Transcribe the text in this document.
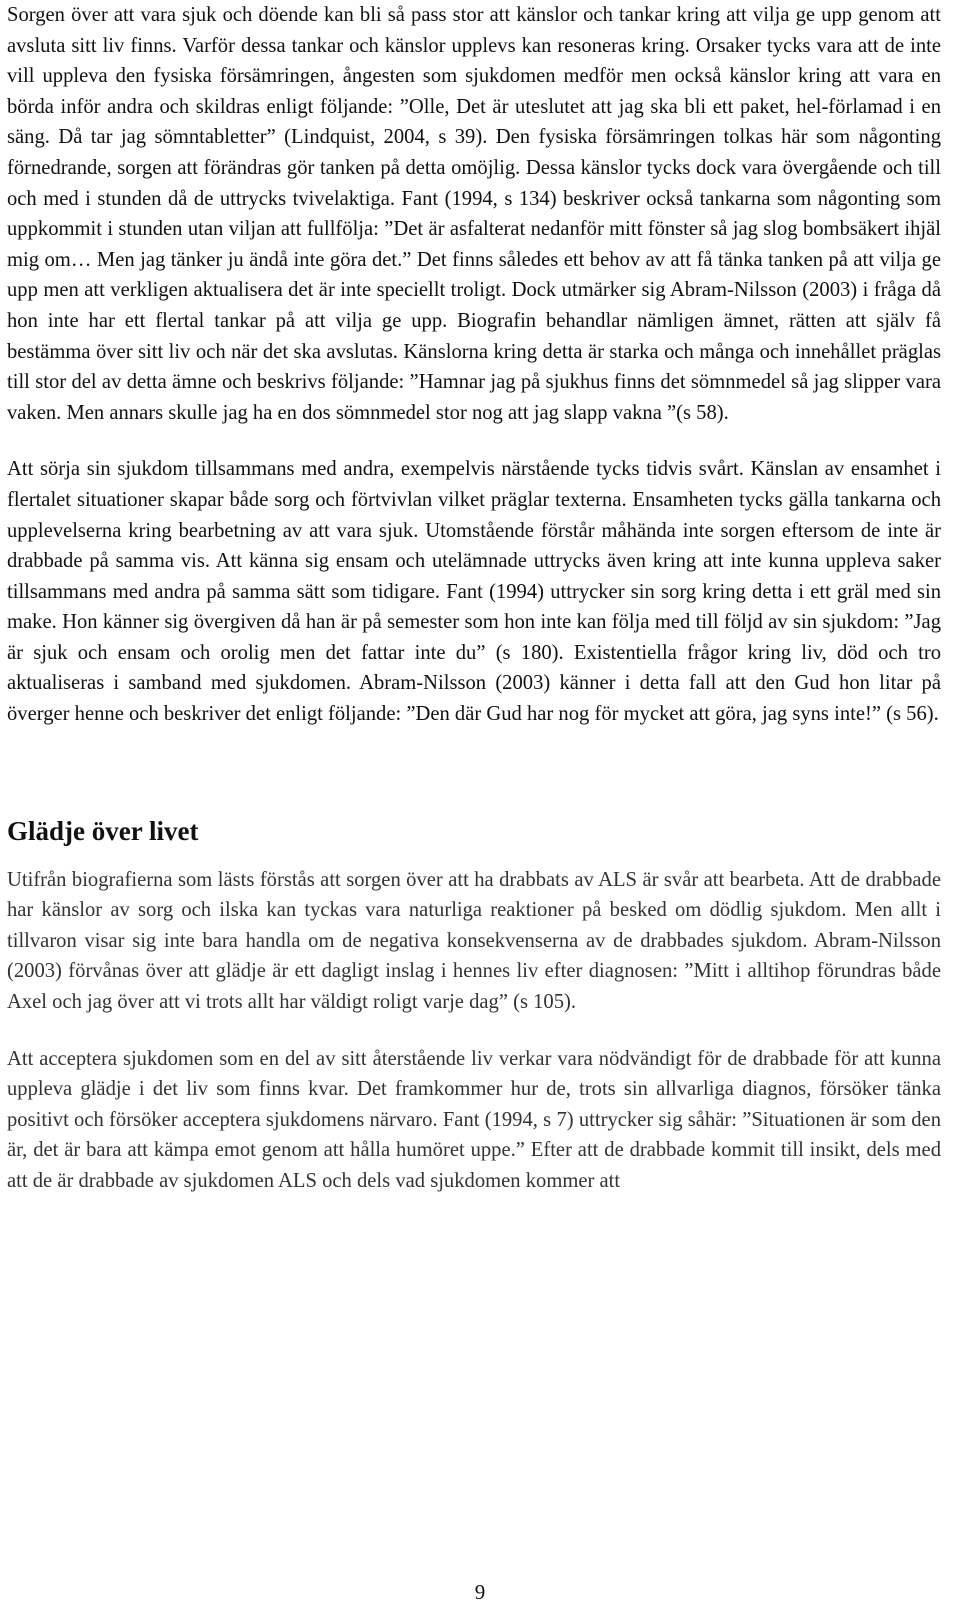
Sorgen över att vara sjuk och döende kan bli så pass stor att känslor och tankar kring att vilja ge upp genom att avsluta sitt liv finns. Varför dessa tankar och känslor upplevs kan resoneras kring. Orsaker tycks vara att de inte vill uppleva den fysiska försämringen, ångesten som sjukdomen medför men också känslor kring att vara en börda inför andra och skildras enligt följande: ”Olle, Det är uteslutet att jag ska bli ett paket, hel-förlamad i en säng. Då tar jag sömntabletter” (Lindquist, 2004, s 39). Den fysiska försämringen tolkas här som någonting förnedrande, sorgen att förändras gör tanken på detta omöjlig. Dessa känslor tycks dock vara övergående och till och med i stunden då de uttrycks tvivelaktiga. Fant (1994, s 134) beskriver också tankarna som någonting som uppkommit i stunden utan viljan att fullfölja: ”Det är asfalterat nedanför mitt fönster så jag slog bombsäkert ihjäl mig om… Men jag tänker ju ändå inte göra det.” Det finns således ett behov av att få tänka tanken på att vilja ge upp men att verkligen aktualisera det är inte speciellt troligt. Dock utmärker sig Abram-Nilsson (2003) i fråga då hon inte har ett flertal tankar på att vilja ge upp. Biografin behandlar nämligen ämnet, rätten att själv få bestämma över sitt liv och när det ska avslutas. Känslorna kring detta är starka och många och innehållet präglas till stor del av detta ämne och beskrivs följande: ”Hamnar jag på sjukhus finns det sömnmedel så jag slipper vara vaken. Men annars skulle jag ha en dos sömnmedel stor nog att jag slapp vakna ”(s 58).

Att sörja sin sjukdom tillsammans med andra, exempelvis närstående tycks tidvis svårt. Känslan av ensamhet i flertalet situationer skapar både sorg och förtvivlan vilket präglar texterna. Ensamheten tycks gälla tankarna och upplevelserna kring bearbetning av att vara sjuk. Utomstående förstår måhända inte sorgen eftersom de inte är drabbade på samma vis. Att känna sig ensam och utelämnade uttrycks även kring att inte kunna uppleva saker tillsammans med andra på samma sätt som tidigare. Fant (1994) uttrycker sin sorg kring detta i ett gräl med sin make. Hon känner sig övergiven då han är på semester som hon inte kan följa med till följd av sin sjukdom: ”Jag är sjuk och ensam och orolig men det fattar inte du” (s 180). Existentiella frågor kring liv, död och tro aktualiseras i samband med sjukdomen. Abram-Nilsson (2003) känner i detta fall att den Gud hon litar på överger henne och beskriver det enligt följande: ”Den där Gud har nog för mycket att göra, jag syns inte!” (s 56).

Glädje över livet

Utifrån biografierna som lästs förstås att sorgen över att ha drabbats av ALS är svår att bearbeta. Att de drabbade har känslor av sorg och ilska kan tyckas vara naturliga reaktioner på besked om dödlig sjukdom. Men allt i tillvaron visar sig inte bara handla om de negativa konsekvenserna av de drabbades sjukdom. Abram-Nilsson (2003) förvånas över att glädje är ett dagligt inslag i hennes liv efter diagnosen: ”Mitt i alltihop förundras både Axel och jag över att vi trots allt har väldigt roligt varje dag” (s 105).

Att acceptera sjukdomen som en del av sitt återstående liv verkar vara nödvändigt för de drabbade för att kunna uppleva glädje i det liv som finns kvar. Det framkommer hur de, trots sin allvarliga diagnos, försöker tänka positivt och försöker acceptera sjukdomens närvaro. Fant (1994, s 7) uttrycker sig såhär: ”Situationen är som den är, det är bara att kämpa emot genom att hålla humöret uppe.” Efter att de drabbade kommit till insikt, dels med att de är drabbade av sjukdomen ALS och dels vad sjukdomen kommer att

9
